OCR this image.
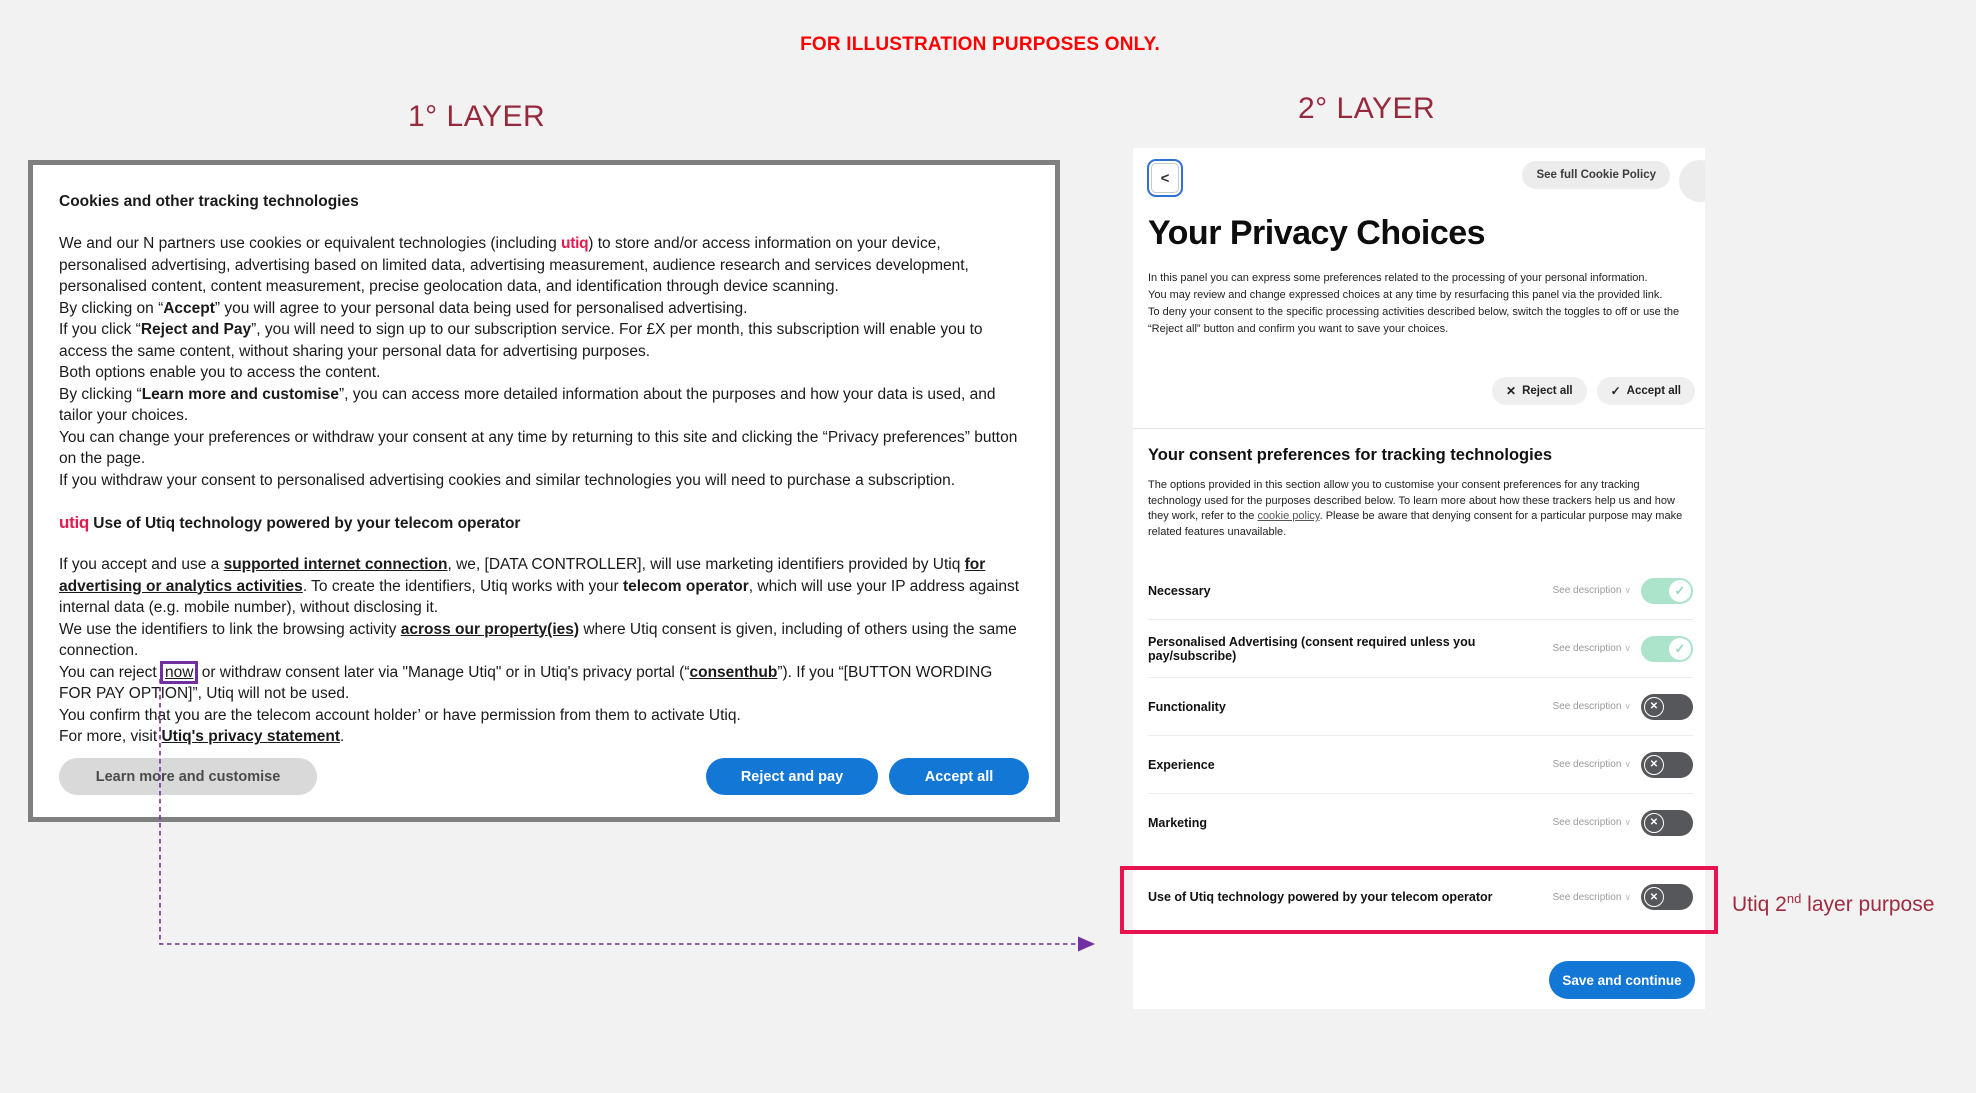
FOR ILLUSTRATION PURPOSES ONLY.
1° LAYER	2° LAYER
Cookies and other tracking technologies

We and our N partners use cookies or equivalent technologies (including utiq) to store and/or access information on your device, personalised advertising, advertising based on limited data, advertising measurement, audience research and services development, personalised content, content measurement, precise geolocation data, and identification through device scanning.
By clicking on “Accept” you will agree to your personal data being used for personalised advertising.
If you click “Reject and Pay”, you will need to sign up to our subscription service. For £X per month, this subscription will enable you to access the same content, without sharing your personal data for advertising purposes.
Both options enable you to access the content.
By clicking “Learn more and customise”, you can access more detailed information about the purposes and how your data is used, and tailor your choices.
You can change your preferences or withdraw your consent at any time by returning to this site and clicking the “Privacy preferences” button on the page.
If you withdraw your consent to personalised advertising cookies and similar technologies you will need to purchase a subscription.

utiq Use of Utiq technology powered by your telecom operator

If you accept and use a supported internet connection, we, [DATA CONTROLLER], will use marketing identifiers provided by Utiq for advertising or analytics activities. To create the identifiers, Utiq works with your telecom operator, which will use your IP address against internal data (e.g. mobile number), without disclosing it.
We use the identifiers to link the browsing activity across our property(ies) where Utiq consent is given, including of others using the same connection.
You can reject now or withdraw consent later via "Manage Utiq" or in Utiq's privacy portal (“consenthub”). If you “[BUTTON WORDING FOR PAY OPTION]”, Utiq will not be used.
You confirm that you are the telecom account holder’ or have permission from them to activate Utiq.
For more, visit Utiq's privacy statement.

Learn more and customise	Reject and pay	Accept all
<	See full Cookie Policy
Your Privacy Choices
In this panel you can express some preferences related to the processing of your personal information.
You may review and change expressed choices at any time by resurfacing this panel via the provided link.
To deny your consent to the specific processing activities described below, switch the toggles to off or use the
“Reject all” button and confirm you want to save your choices.
✕ Reject all	✓ Accept all
Your consent preferences for tracking technologies
The options provided in this section allow you to customise your consent preferences for any tracking technology used for the purposes described below. To learn more about how these trackers help us and how they work, refer to the cookie policy. Please be aware that denying consent for a particular purpose may make related features unavailable.
Necessary	See description ∨	✓
Personalised Advertising (consent required unless you pay/subscribe)	See description ∨	✓
Functionality	See description ∨	✕
Experience	See description ∨	✕
Marketing	See description ∨	✕
Use of Utiq technology powered by your telecom operator	See description ∨	✕
Save and continue
Utiq 2nd layer purpose
